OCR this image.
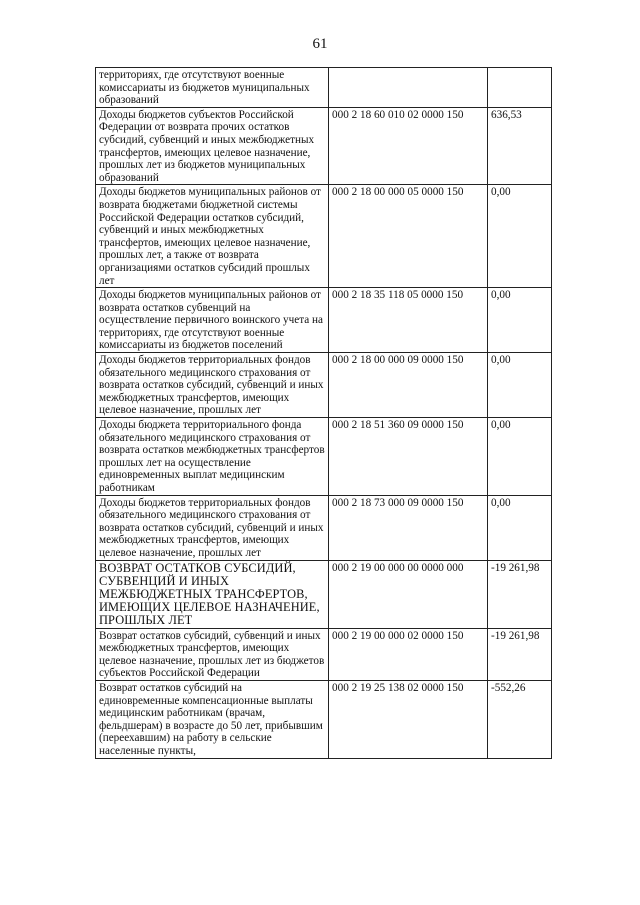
61
территориях, где отсутствуют военные комиссариаты из бюджетов муниципальных образований		
Доходы бюджетов субъектов Российской Федерации от возврата прочих остатков субсидий, субвенций и иных межбюджетных трансфертов, имеющих целевое назначение, прошлых лет из бюджетов муниципальных образований	000 2 18 60 010 02 0000 150	636,53
Доходы бюджетов муниципальных районов от возврата бюджетами бюджетной системы Российской Федерации остатков субсидий, субвенций и иных межбюджетных трансфертов, имеющих целевое назначение, прошлых лет, а также от возврата организациями остатков субсидий прошлых лет	000 2 18 00 000 05 0000 150	0,00
Доходы бюджетов муниципальных районов от возврата остатков субвенций на осуществление первичного воинского учета на территориях, где отсутствуют военные комиссариаты из бюджетов поселений	000 2 18 35 118 05 0000 150	0,00
Доходы бюджетов территориальных фондов обязательного медицинского страхования от возврата остатков субсидий, субвенций и иных межбюджетных трансфертов, имеющих целевое назначение, прошлых лет	000 2 18 00 000 09 0000 150	0,00
Доходы бюджета территориального фонда обязательного медицинского страхования от возврата остатков межбюджетных трансфертов прошлых лет на осуществление единовременных выплат медицинским работникам	000 2 18 51 360 09 0000 150	0,00
Доходы бюджетов территориальных фондов обязательного медицинского страхования от возврата остатков субсидий, субвенций и иных межбюджетных трансфертов, имеющих целевое назначение, прошлых лет	000 2 18 73 000 09 0000 150	0,00
ВОЗВРАТ ОСТАТКОВ СУБСИДИЙ, СУБВЕНЦИЙ И ИНЫХ МЕЖБЮДЖЕТНЫХ ТРАНСФЕРТОВ, ИМЕЮЩИХ ЦЕЛЕВОЕ НАЗНАЧЕНИЕ, ПРОШЛЫХ ЛЕТ	000 2 19 00 000 00 0000 000	-19 261,98
Возврат остатков субсидий, субвенций и иных межбюджетных трансфертов, имеющих целевое назначение, прошлых лет из бюджетов субъектов Российской Федерации	000 2 19 00 000 02 0000 150	-19 261,98
Возврат остатков субсидий на единовременные компенсационные выплаты медицинским работникам (врачам, фельдшерам) в возрасте до 50 лет, прибывшим (переехавшим) на работу в сельские населенные пункты,	000 2 19 25 138 02 0000 150	-552,26
